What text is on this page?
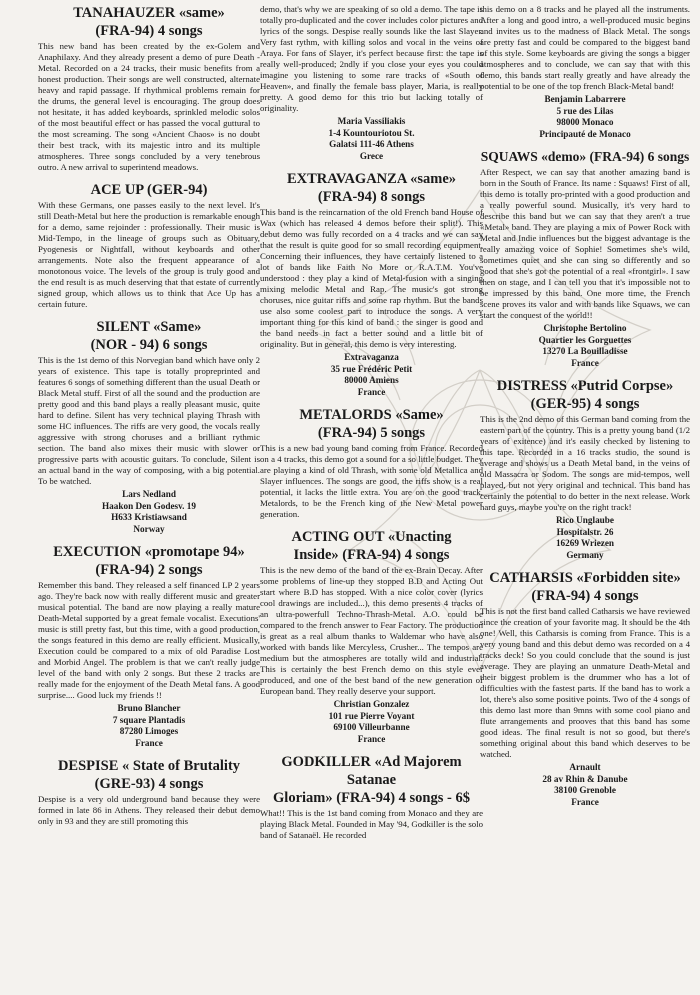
TANAHAUZER «same»
(FRA-94) 4 songs

This new band has been created by the ex-Golem and Anaphilaxy. And they already present a demo of pure Death - Metal. Recorded on a 24 tracks, their music benefits from a honest production. Their songs are well constructed, alternate heavy and rapid passage. If rhythmical problems remain for the drums, the general level is encouraging. The group does not hesitate, it has added keyboards, sprinkled melodic solos of the most beautiful effect or has passed the vocal guttural to the most screaming. The song «Ancient Chaos» is no doubt their best track, with its majestic intro and its multiple atmospheres. Three songs concluded by a very tenebrous outro. A new arrival to superintend meadows.

ACE UP (GER-94)

With these Germans, one passes easily to the next level. It's still Death-Metal but here the production is remarkable enough for a demo, same rejoinder : professionally. Their music is Mid-Tempo, in the lineage of groups such as Obituary, Pyogenesis or Nightfall, without keyboards and other arrangements. Note also the frequent appearance of a monotonous voice. The levels of the group is truly good and the end result is as much deserving that that estate of currently signed group, which allows us to think that Ace Up has a certain future.

SILENT «Same»
(NOR - 94) 6 songs

This is the 1st demo of this Norvegian band which have only 2 years of existence. This tape is totally propreprinted and features 6 songs of something different than the usual Death or Black Metal stuff. First of all the sound and the production are pretty good and this band plays a really pleasant music, quite hard to define. Silent has very technical playing Thrash with some HC influences. The riffs are very good, the vocals really aggressive with strong choruses and a brilliant rythmic section. The band also mixes their music with slower or progressive parts with acoustic guitars. To conclude, Silent is an actual band in the way of composing, with a big potential. To be watched.

Lars Nedland
Haakon Den Godesv. 19
H633 Kristiawsand
Norway
EXECUTION «promotape 94»
(FRA-94) 2 songs

Remember this band. They released a self financed LP 2 years ago. They're back now with really different music and greater musical potential. The band are now playing a really mature Death-Metal supported by a great female vocalist. Executions' music is still pretty fast, but this time, with a good production, the songs featured in this demo are really efficient. Musically, Execution could be compared to a mix of old Paradise Lost and Morbid Angel. The problem is that we can't really judge level of the band with only 2 songs. But these 2 tracks are really made for the enjoyment of the Death Metal fans. A good surprise.... Good luck my friends !!

Bruno Blancher
7 square Plantadis
87280 Limoges
France
DESPISE « State of Brutality
(GRE-93) 4 songs

Despise is a very old underground band because they were formed in late 86 in Athens. They released their debut demo only in 93 and they are still promoting this

demo, that's why we are speaking of so old a demo. The tape is totally pro-duplicated and the cover includes color pictures and lyrics of the songs. Despise really sounds like the last Slayer. Very fast rythm, with killing solos and vocal in the veins of Araya. For fans of Slayer, it's perfect because first: the tape is really well-produced; 2ndly if you close your eyes you could imagine you listening to some rare tracks of «South of Heaven», and finally the female bass player, Maria, is really pretty. A good demo for this trio but lacking totally of originality.

Maria Vassiliakis
1-4 Kountouriotou St.
Galatsi 111-46 Athens
Grece
EXTRAVAGANZA «same»
(FRA-94) 8 songs

This band is the reincarnation of the old French band House of Wax (which has released 4 demos before their split!). This debut demo was fully recorded on a 4 tracks and we can say that the result is quite good for so small recording equipment. Concerning their influences, they have certainly listened to a lot of bands like Faith No More or R.A.T.M. You've understood : they play a kind of Metal-fusion with a singing mixing melodic Metal and Rap. The music's got strong choruses, nice guitar riffs and some rap rhythm. But the bands use also some coolest part to introduce the songs. A very important thing for this kind of band : the singer is good and the band needs in fact a better sound and a little bit of originality. But in general, this demo is very interesting.

Extravaganza
35 rue Frédéric Petit
80000 Amiens
France
METALORDS «Same»
(FRA-94) 5 songs

This is a new bad young band coming from France. Recorded on a 4 tracks, this demo got a sound for a so little budget. They are playing a kind of old Thrash, with some old Metallica and Slayer influences. The songs are good, the riffs show is a real potential, it lacks the little extra. You are on the good track, Metalords, to be the French king of the New Metal power generation.

ACTING OUT «Unacting
Inside» (FRA-94) 4 songs

This is the new demo of the band of the ex-Brain Decay. After some problems of line-up they stopped B.D and Acting Out start where B.D has stopped. With a nice color cover (lyrics cool drawings are included...), this demo presents 4 tracks of an ultra-powerfull Techno-Thrash-Metal. A.O. could be compared to the french answer to Fear Factory. The production is great as a real album thanks to Waldemar who have also worked with bands like Mercyless, Crusher... The tempos are medium but the atmospheres are totally wild and industrial. This is certainly the best French demo on this style ever produced, and one of the best band of the new generation of European band. They really deserve your support.

Christian Gonzalez
101 rue Pierre Voyant
69100 Villeurbanne
France
GODKILLER «Ad Majorem Satanae
Gloriam» (FRA-94) 4 songs - 6$

What!! This is the 1st band coming from Monaco and they are playing Black Metal. Founded in May '94, Godkiller is the solo band of Satanaël. He recorded

this demo on a 8 tracks and he played all the instruments. After a long and good intro, a well-produced music begins and invites us to the madness of Black Metal. The songs are pretty fast and could be compared to the biggest band of this style. Some keyboards are giving the songs a bigger atmospheres and to conclude, we can say that with this demo, this bands start really greatly and have already the potential to be one of the top french Black-Metal band!

Benjamin Labarrere
5 rue des Lilas
98000 Monaco
Principauté de Monaco
SQUAWS «demo» (FRA-94) 6 songs

After Respect, we can say that another amazing band is born in the South of France. Its name : Squaws! First of all, this demo is totally pro-printed with a good production and a really powerful sound. Musically, it's very hard to describe this band but we can say that they aren't a true «Metal» band. They are playing a mix of Power Rock with Metal and Indie influences but the biggest advantage is the really amazing voice of Sophie! Sometimes she's wild, sometimes quiet and she can sing so differently and so good that she's got the potential of a real «frontgirl». I saw then on stage, and I can tell you that it's impossible not to be impressed by this band. One more time, the French scene proves its valor and with bands like Squaws, we can start the conquest of the world!!

Christophe Bertolino
Quartier les Gorguettes
13270 La Bouilladisse
France
DISTRESS «Putrid Corpse»
(GER-95) 4 songs

This is the 2nd demo of this German band coming from the eastern part of the country. This is a pretty young band (1/2 years of exitence) and it's easily checked by listening to this tape. Recorded in a 16 tracks studio, the sound is average and shows us a Death Metal band, in the veins of old Massacra or Sodom. The songs are mid-tempos, well played, but not very original and technical. This band has certainly the potential to do better in the next release. Work hard guys, maybe you're on the right track!

Rico Unglaube
Hospitalstr. 26
16269 Wriezen
Germany
CATHARSIS «Forbidden site»
(FRA-94) 4 songs

This is not the first band called Catharsis we have reviewed since the creation of your favorite mag. It should be the 4th one! Well, this Catharsis is coming from France. This is a very young band and this debut demo was recorded on a 4 tracks deck! So you could conclude that the sound is just average. They are playing an unmature Death-Metal and their biggest problem is the drummer who has a lot of difficulties with the fastest parts. If the band has to work a lot, there's also some positive points. Two of the 4 songs of this demo last more than 9mns with some cool piano and flute arrangements and prooves that this band has some good ideas. The final result is not so good, but there's something original about this band which deserves to be watched.

Arnault
28 av Rhin & Danube
38100 Grenoble
France
